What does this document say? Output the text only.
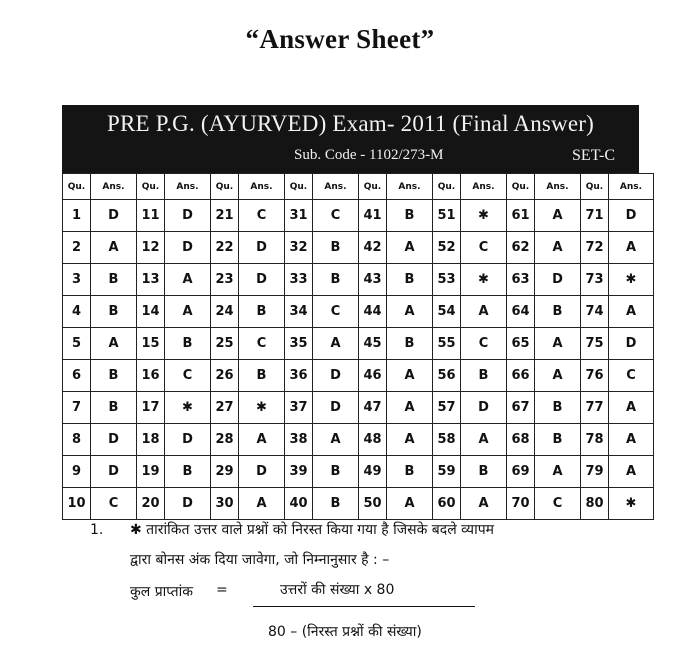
“Answer Sheet”
PRE P.G. (AYURVED) Exam- 2011 (Final Answer)
Sub. Code - 1102/273-M	SET-C
Qu.	Ans.	Qu.	Ans.	Qu.	Ans.	Qu.	Ans.	Qu.	Ans.	Qu.	Ans.	Qu.	Ans.	Qu.	Ans.
1	D	11	D	21	C	31	C	41	B	51	✱	61	A	71	D
2	A	12	D	22	D	32	B	42	A	52	C	62	A	72	A
3	B	13	A	23	D	33	B	43	B	53	✱	63	D	73	✱
4	B	14	A	24	B	34	C	44	A	54	A	64	B	74	A
5	A	15	B	25	C	35	A	45	B	55	C	65	A	75	D
6	B	16	C	26	B	36	D	46	A	56	B	66	A	76	C
7	B	17	✱	27	✱	37	D	47	A	57	D	67	B	77	A
8	D	18	D	28	A	38	A	48	A	58	A	68	B	78	A
9	D	19	B	29	D	39	B	49	B	59	B	69	A	79	A
10	C	20	D	30	A	40	B	50	A	60	A	70	C	80	✱
1. ✱ तारांकित उत्तर वाले प्रश्नों को निरस्त किया गया है जिसके बदले व्यापम
द्वारा बोनस अंक दिया जावेगा, जो निम्नानुसार है : –
कुल प्राप्तांक =	उत्तरों की संख्या x 80
80 – (निरस्त प्रश्नों की संख्या)
